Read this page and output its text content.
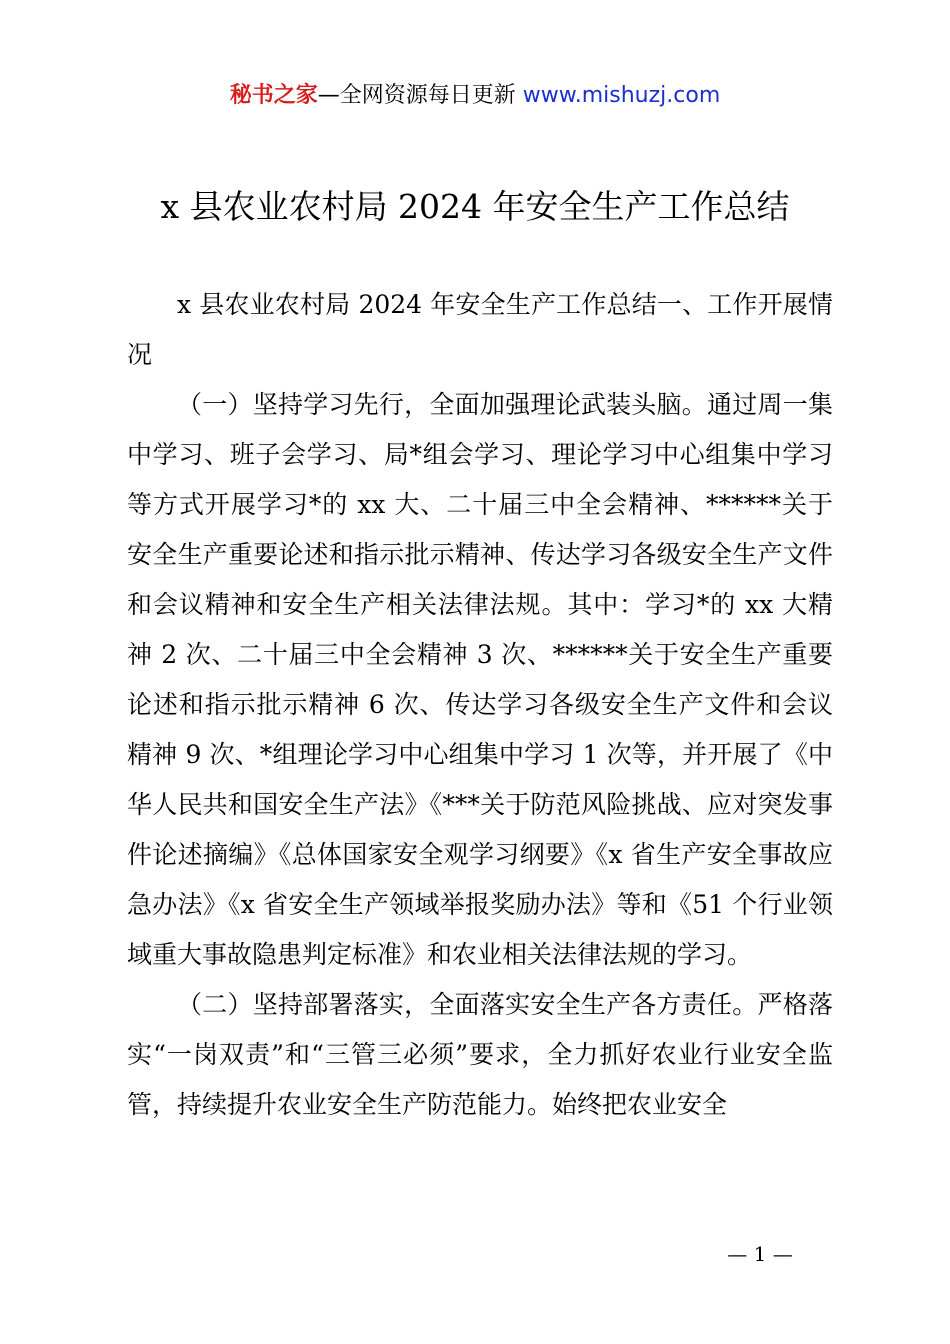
秘书之家—全网资源每日更新 www.mishuzj.com
x 县农业农村局 2024 年安全生产工作总结

x 县农业农村局 2024 年安全生产工作总结一、工作开展情况

（一）坚持学习先行，全面加强理论武装头脑。通过周一集中学习、班子会学习、局*组会学习、理论学习中心组集中学习等方式开展学习*的 xx 大、二十届三中全会精神、******关于安全生产重要论述和指示批示精神、传达学习各级安全生产文件和会议精神和安全生产相关法律法规。其中：学习*的 xx 大精神 2 次、二十届三中全会精神 3 次、******关于安全生产重要论述和指示批示精神 6 次、传达学习各级安全生产文件和会议精神 9 次、*组理论学习中心组集中学习 1 次等，并开展了《中华人民共和国安全生产法》《***关于防范风险挑战、应对突发事件论述摘编》《总体国家安全观学习纲要》《x 省生产安全事故应急办法》《x 省安全生产领域举报奖励办法》等和《51 个行业领域重大事故隐患判定标准》和农业相关法律法规的学习。

（二）坚持部署落实，全面落实安全生产各方责任。严格落实“一岗双责”和“三管三必须”要求，全力抓好农业行业安全监管，持续提升农业安全生产防范能力。始终把农业安全

— 1 —
